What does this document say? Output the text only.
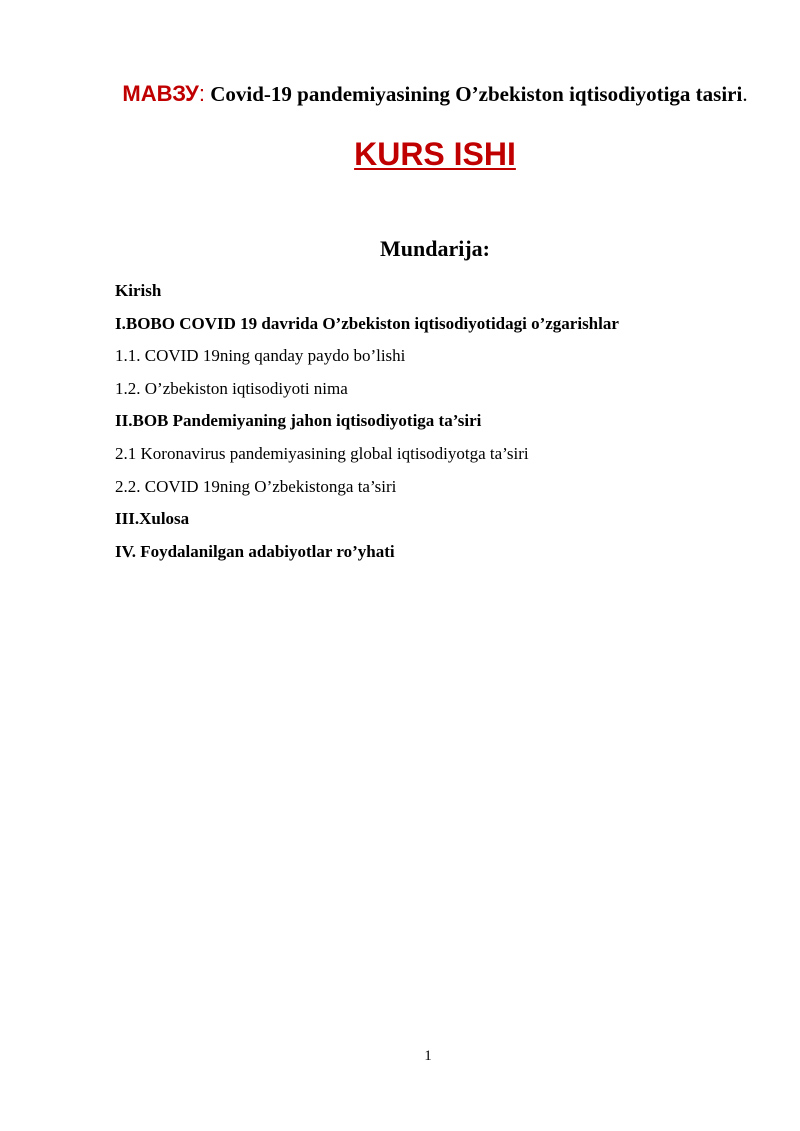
МАВЗУ: Covid-19 pandemiyasining O’zbekiston iqtisodiyotiga tasiri.
KURS ISHI
Mundarija:
Kirish
I.BOBO COVID 19 davrida O’zbekiston iqtisodiyotidagi o’zgarishlar
1.1. COVID 19ning qanday paydo bo’lishi
1.2. O’zbekiston iqtisodiyoti nima
II.BOB Pandemiyaning jahon iqtisodiyotiga ta’siri
2.1 Koronavirus pandemiyasining global iqtisodiyotga ta’siri
2.2. COVID 19ning O’zbekistonga ta’siri
III.Xulosa
IV. Foydalanilgan adabiyotlar ro’yhati
1
